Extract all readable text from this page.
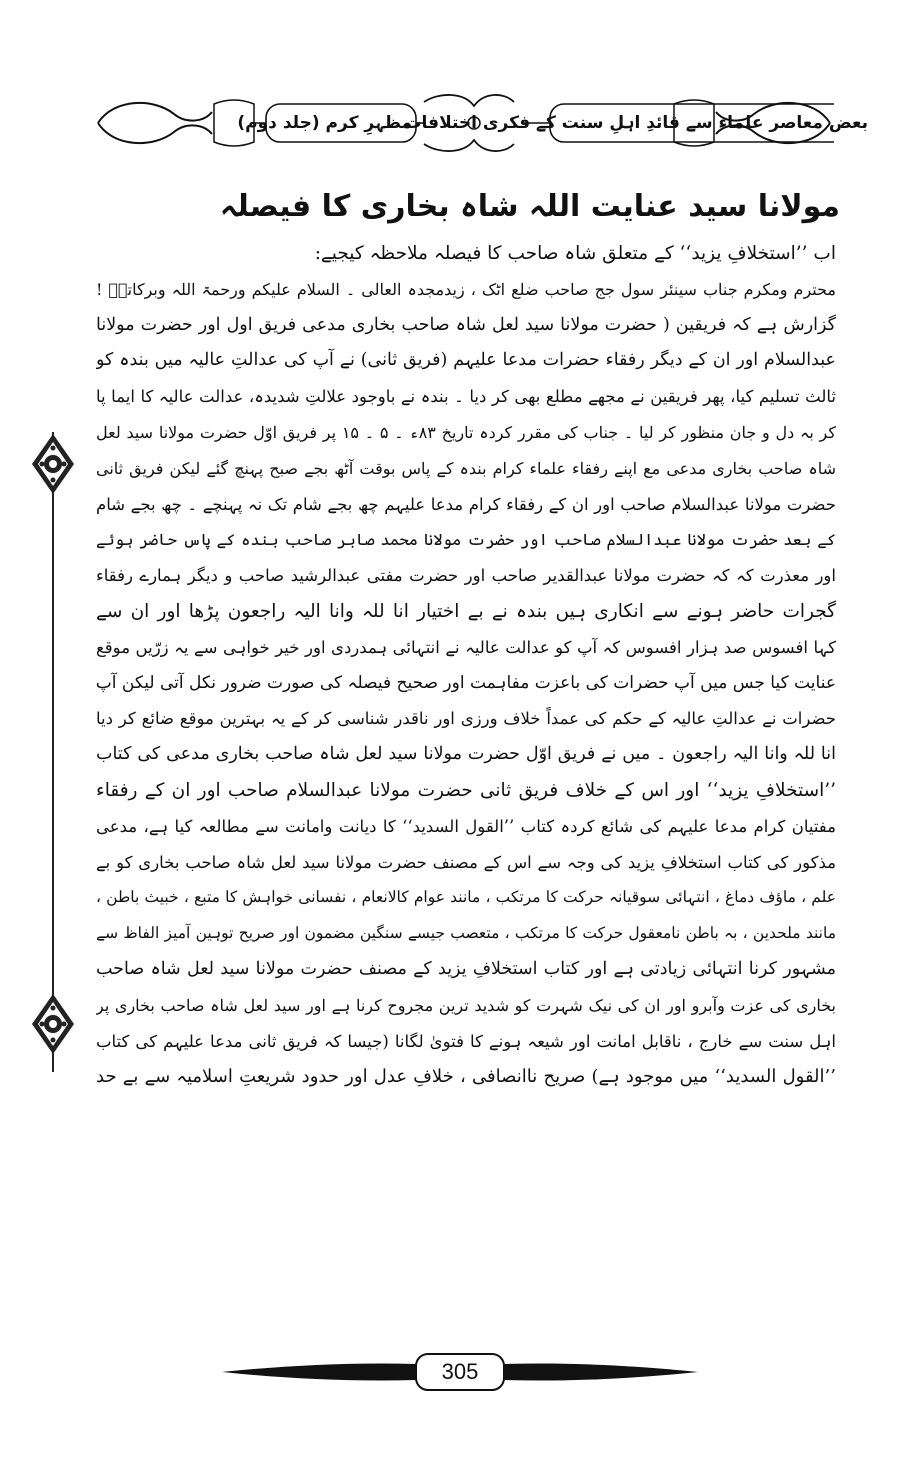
بعض معاصر علماء سے قائدِ اہلِ سنت کے فکری اختلافات
مظہرِ کرم (جلد دوم)
مولانا سید عنایت اللہ شاہ بخاری کا فیصلہ
اب ’’استخلافِ یزید‘‘ کے متعلق شاہ صاحب کا فیصلہ ملاحظہ کیجیے:
محترم ومکرم جناب سینئر سول جج صاحب ضلع اٹک ، زیدمجدہ العالی ۔ السلام علیکم ورحمۃ اللہ وبرکاتہٗ !
گزارش ہے کہ فریقین ( حضرت مولانا سید لعل شاہ صاحب بخاری مدعی فریق اول اور حضرت مولانا
عبدالسلام اور ان کے دیگر رفقاء حضرات مدعا علیہم (فریق ثانی) نے آپ کی عدالتِ عالیہ میں بندہ کو
ثالث تسلیم کیا، پھر فریقین نے مجھے مطلع بھی کر دیا ۔ بندہ نے باوجود علالتِ شدیدہ، عدالت عالیہ کا ایما پا
کر بہ دل و جان منظور کر لیا ۔ جناب کی مقرر کردہ تاریخ ۸۳ء ۔ ۵ ۔ ۱۵ پر فریق اوّل حضرت مولانا سید لعل
شاہ صاحب بخاری مدعی مع اپنے رفقاء علماء کرام بندہ کے پاس بوقت آٹھ بجے صبح پہنچ گئے لیکن فریق ثانی
حضرت مولانا عبدالسلام صاحب اور ان کے رفقاء کرام مدعا علیہم چھ بجے شام تک نہ پہنچے ۔ چھ بجے شام
کے بعد حضرت مولانا عبدالسلام صاحب اور حضرت مولانا محمد صابر صاحب بندہ کے پاس حاضر ہوئے
اور معذرت کہ کہ حضرت مولانا عبدالقدیر صاحب اور حضرت مفتی عبدالرشید صاحب و دیگر ہمارے رفقاء
گجرات حاضر ہونے سے انکاری ہیں بندہ نے بے اختیار انا للہ وانا الیہ راجعون پڑھا اور ان سے
کہا افسوس صد ہزار افسوس کہ آپ کو عدالت عالیہ نے انتہائی ہمدردی اور خیر خواہی سے یہ زرّیں موقع
عنایت کیا جس میں آپ حضرات کی باعزت مفاہمت اور صحیح فیصلہ کی صورت ضرور نکل آتی لیکن آپ
حضرات نے عدالتِ عالیہ کے حکم کی عمداً خلاف ورزی اور ناقدر شناسی کر کے یہ بہترین موقع ضائع کر دیا
انا للہ وانا الیہ راجعون ۔ میں نے فریق اوّل حضرت مولانا سید لعل شاہ صاحب بخاری مدعی کی کتاب
’’استخلافِ یزید‘‘ اور اس کے خلاف فریق ثانی حضرت مولانا عبدالسلام صاحب اور ان کے رفقاء
مفتیان کرام مدعا علیہم کی شائع کردہ کتاب ’’القول السدید‘‘ کا دیانت وامانت سے مطالعہ کیا ہے، مدعی
مذکور کی کتاب استخلافِ یزید کی وجہ سے اس کے مصنف حضرت مولانا سید لعل شاہ صاحب بخاری کو بے
علم ، ماؤف دماغ ، انتہائی سوقیانہ حرکت کا مرتکب ، مانند عوام کالانعام ، نفسانی خواہش کا متبع ، خبیث باطن ،
مانند ملحدین ، بہ باطن نامعقول حرکت کا مرتکب ، متعصب جیسے سنگین مضمون اور صریح توہین آمیز الفاظ سے
مشہور کرنا انتہائی زیادتی ہے اور کتاب استخلافِ یزید کے مصنف حضرت مولانا سید لعل شاہ صاحب
بخاری کی عزت وآبرو اور ان کی نیک شہرت کو شدید ترین مجروح کرنا ہے اور سید لعل شاہ صاحب بخاری پر
اہل سنت سے خارج ، ناقابل امانت اور شیعہ ہونے کا فتویٰ لگانا (جیسا کہ فریق ثانی مدعا علیہم کی کتاب
’’القول السدید‘‘ میں موجود ہے) صریح ناانصافی ، خلافِ عدل اور حدود شریعتِ اسلامیہ سے بے حد
305
